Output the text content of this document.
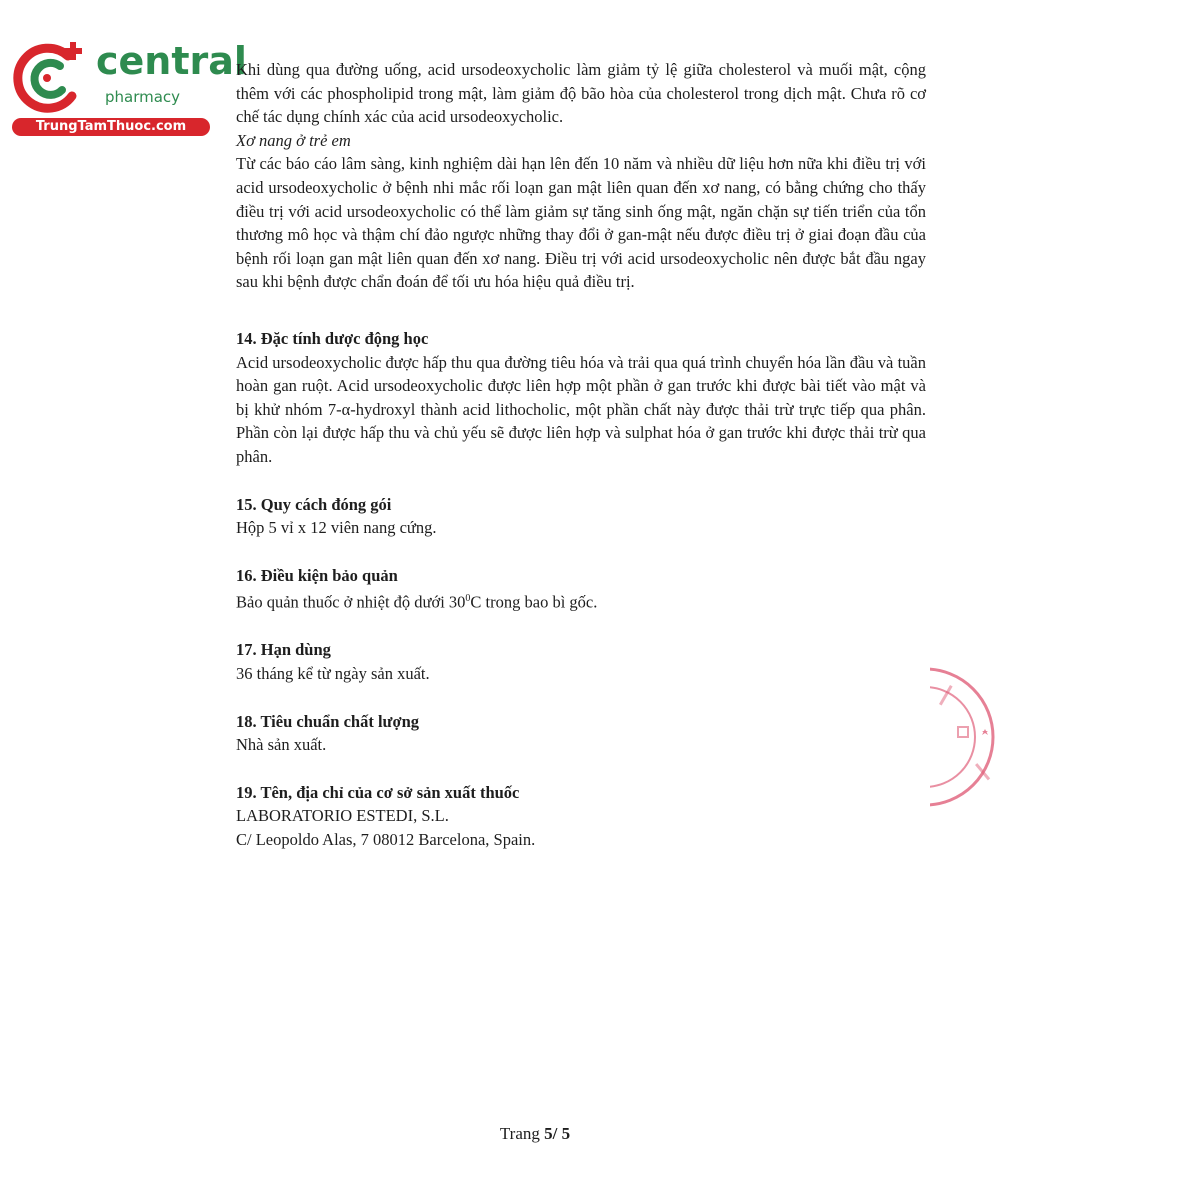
central
pharmacy
TrungTamThuoc.com

Khi dùng qua đường uống, acid ursodeoxycholic làm giảm tỷ lệ giữa cholesterol và muối mật, cộng thêm với các phospholipid trong mật, làm giảm độ bão hòa của cholesterol trong dịch mật. Chưa rõ cơ chế tác dụng chính xác của acid ursodeoxycholic.

Xơ nang ở trẻ em

Từ các báo cáo lâm sàng, kinh nghiệm dài hạn lên đến 10 năm và nhiều dữ liệu hơn nữa khi điều trị với acid ursodeoxycholic ở bệnh nhi mắc rối loạn gan mật liên quan đến xơ nang, có bằng chứng cho thấy điều trị với acid ursodeoxycholic có thể làm giảm sự tăng sinh ống mật, ngăn chặn sự tiến triển của tổn thương mô học và thậm chí đảo ngược những thay đổi ở gan-mật nếu được điều trị ở giai đoạn đầu của bệnh rối loạn gan mật liên quan đến xơ nang. Điều trị với acid ursodeoxycholic nên được bắt đầu ngay sau khi bệnh được chẩn đoán để tối ưu hóa hiệu quả điều trị.

14. Đặc tính dược động học

Acid ursodeoxycholic được hấp thu qua đường tiêu hóa và trải qua quá trình chuyển hóa lần đầu và tuần hoàn gan ruột. Acid ursodeoxycholic được liên hợp một phần ở gan trước khi được bài tiết vào mật và bị khử nhóm 7-α-hydroxyl thành acid lithocholic, một phần chất này được thải trừ trực tiếp qua phân. Phần còn lại được hấp thu và chủ yếu sẽ được liên hợp và sulphat hóa ở gan trước khi được thải trừ qua phân.

15. Quy cách đóng gói

Hộp 5 vỉ x 12 viên nang cứng.

16. Điều kiện bảo quản

Bảo quản thuốc ở nhiệt độ dưới $30^0C$ trong bao bì gốc.

17. Hạn dùng

36 tháng kể từ ngày sản xuất.

18. Tiêu chuẩn chất lượng

Nhà sản xuất.

19. Tên, địa chỉ của cơ sở sản xuất thuốc

LABORATORIO ESTEDI, S.L.

C/ Leopoldo Alas, 7 08012 Barcelona, Spain.

Trang 5/ 5
